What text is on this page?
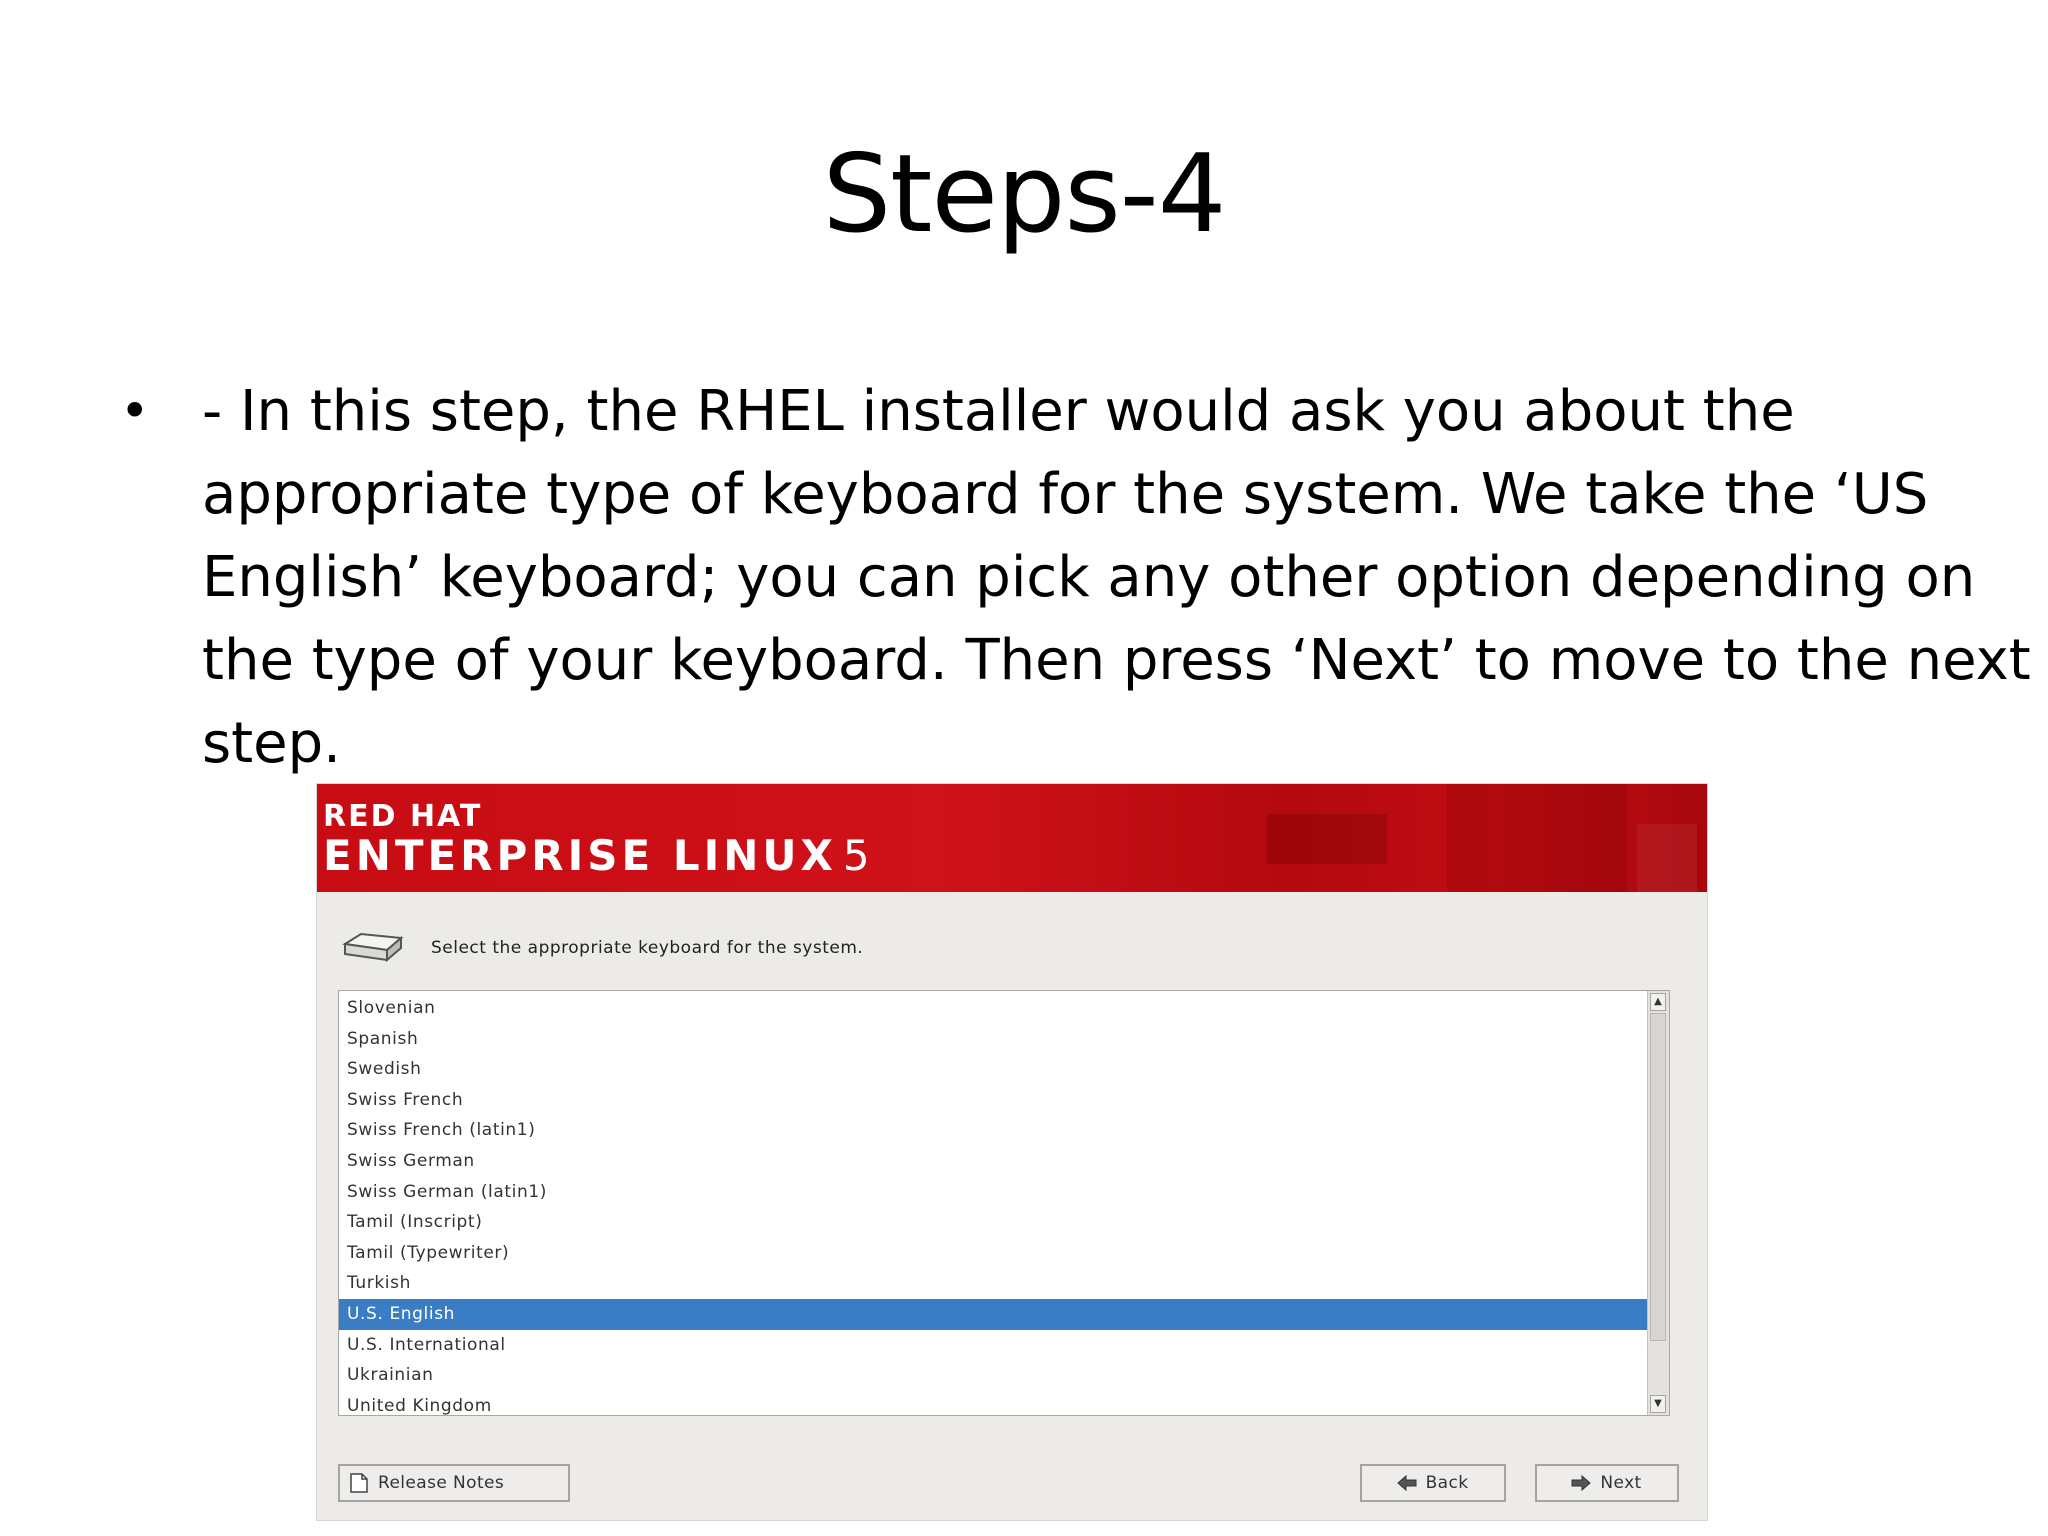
Steps-4
• - In this step, the RHEL installer would ask you about the appropriate type of keyboard for the system. We take the ‘US English’ keyboard; you can pick any other option depending on the type of your keyboard. Then press ‘Next’ to move to the next step.
RED HAT
ENTERPRISE LINUX 5
Select the appropriate keyboard for the system.
Slovenian
Spanish
Swedish
Swiss French
Swiss French (latin1)
Swiss German
Swiss German (latin1)
Tamil (Inscript)
Tamil (Typewriter)
Turkish
U.S. English
U.S. International
Ukrainian
United Kingdom
▲
▼
Release Notes	Back	Next
